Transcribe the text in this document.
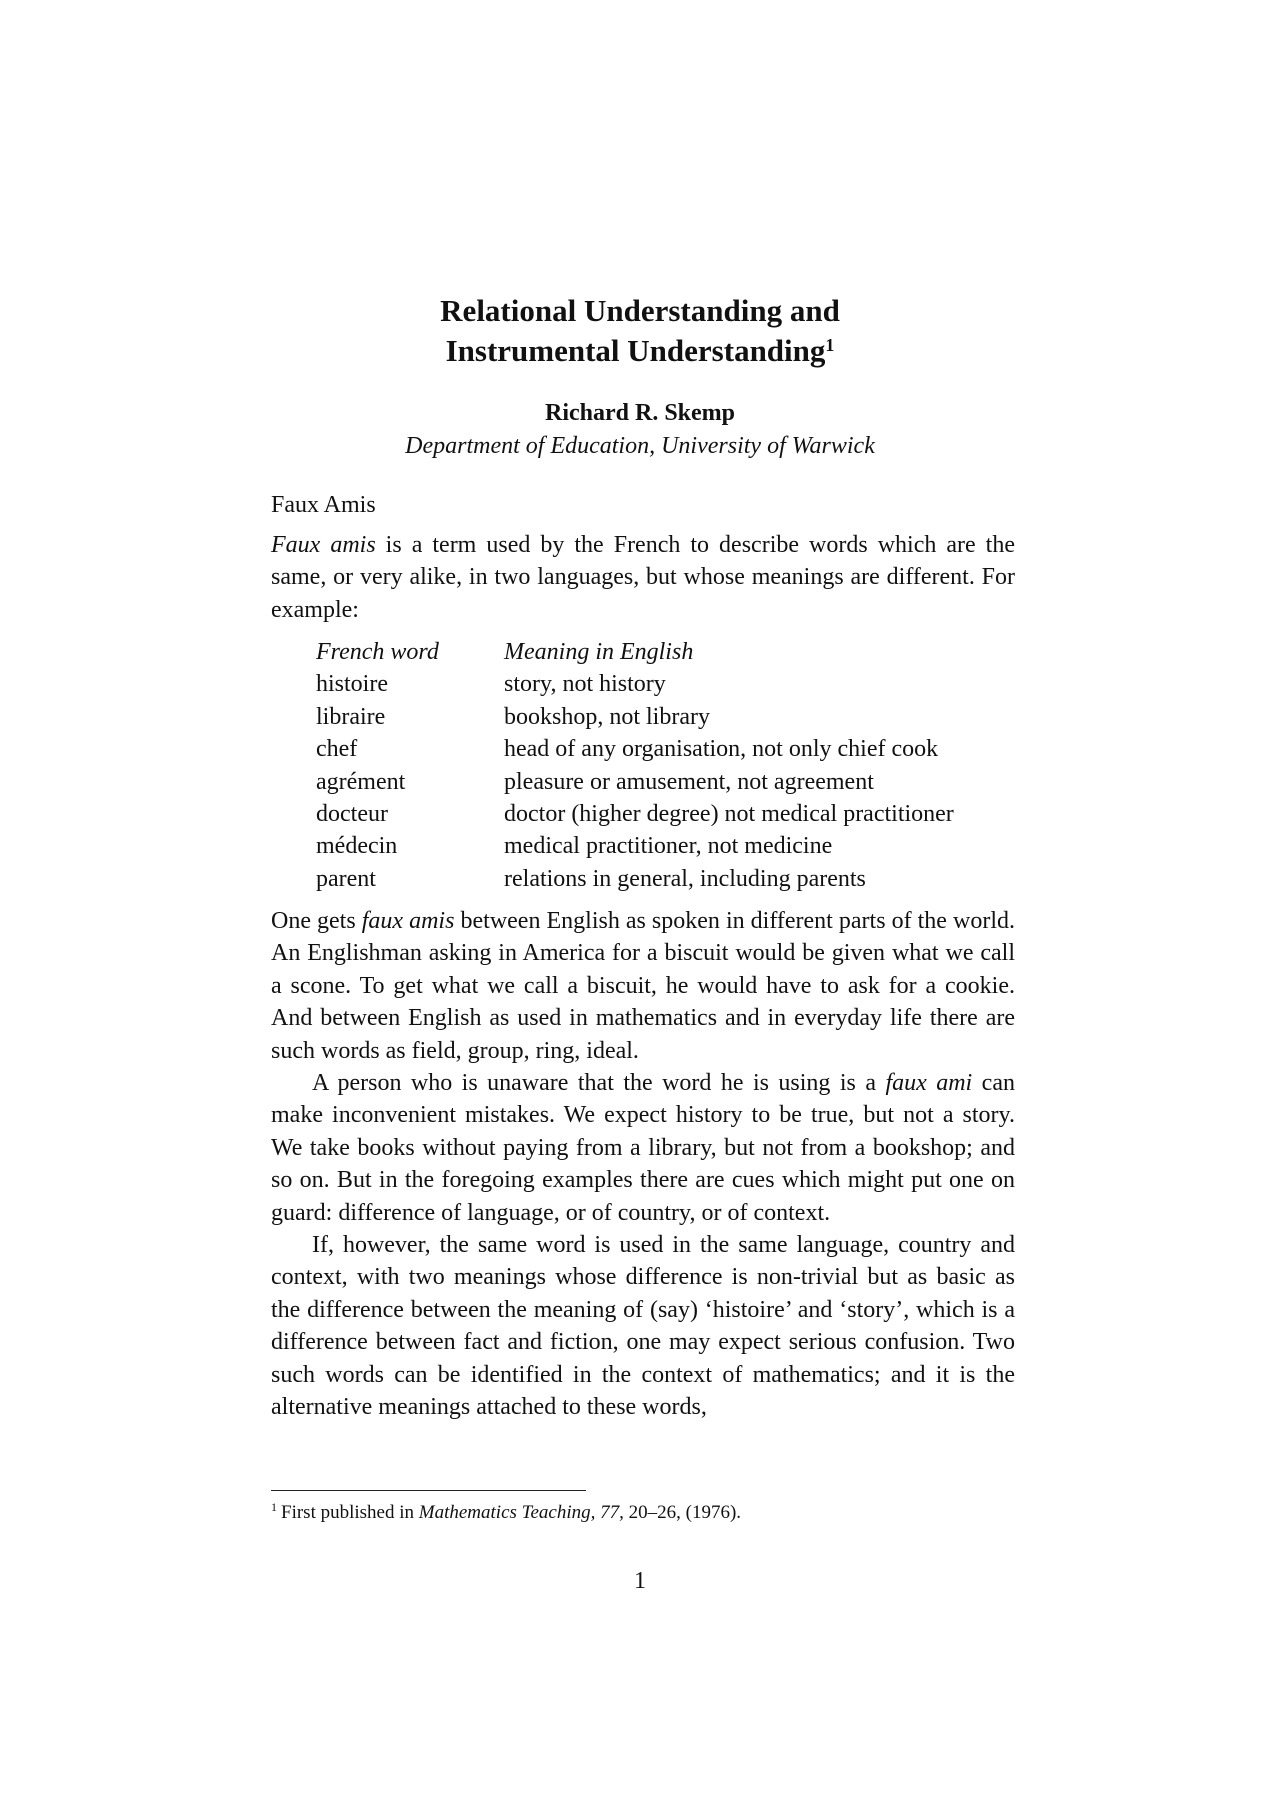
Relational Understanding and
Instrumental Understanding$^1$
Richard R. Skemp
Department of Education, University of Warwick
Faux Amis

Faux amis is a term used by the French to describe words which are the same, or very alike, in two languages, but whose meanings are different. For example:

French word	Meaning in English
histoire	story, not history
libraire	bookshop, not library
chef	head of any organisation, not only chief cook
agrément	pleasure or amusement, not agreement
docteur	doctor (higher degree) not medical practitioner
médecin	medical practitioner, not medicine
parent	relations in general, including parents

One gets faux amis between English as spoken in different parts of the world. An Englishman asking in America for a biscuit would be given what we call a scone. To get what we call a biscuit, he would have to ask for a cookie. And between English as used in mathematics and in everyday life there are such words as field, group, ring, ideal.

A person who is unaware that the word he is using is a faux ami can make inconvenient mistakes. We expect history to be true, but not a story. We take books without paying from a library, but not from a bookshop; and so on. But in the foregoing examples there are cues which might put one on guard: difference of language, or of country, or of context.

If, however, the same word is used in the same language, country and context, with two meanings whose difference is non-trivial but as basic as the difference between the meaning of (say) ‘histoire’ and ‘story’, which is a difference between fact and fiction, one may expect serious confusion. Two such words can be identified in the context of mathematics; and it is the alternative meanings attached to these words,

$^1$ First published in Mathematics Teaching, 77, 20–26, (1976).
1
